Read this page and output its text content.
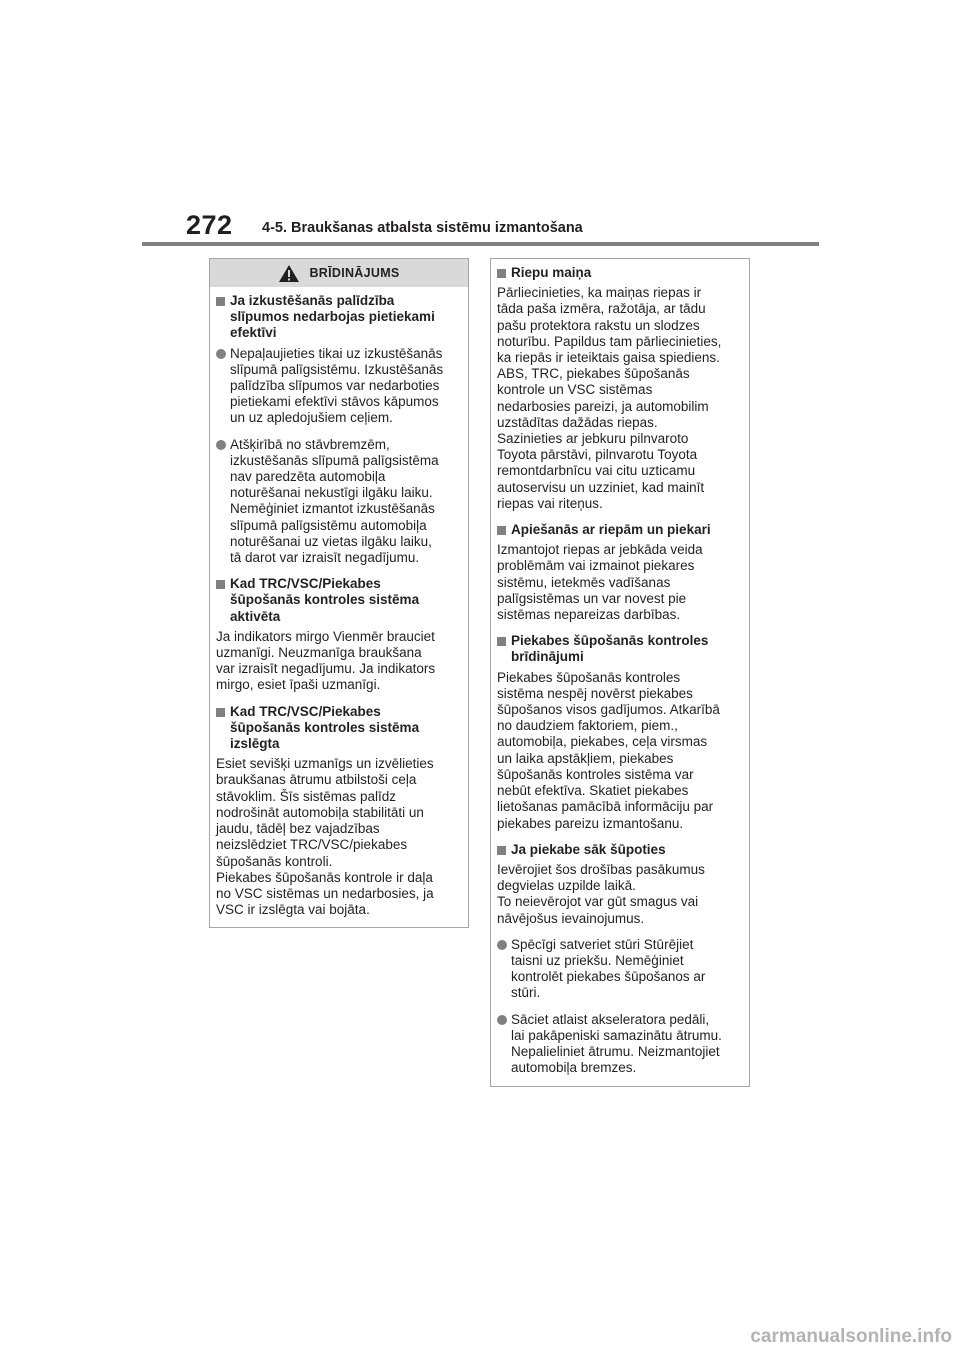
272 4-5. Braukšanas atbalsta sistēmu izmantošana
BRĪDINĀJUMS
Ja izkustēšanās palīdzība
slīpumos nedarbojas pietiekami
efektīvi
Nepaļaujieties tikai uz izkustēšanās
slīpumā palīgsistēmu. Izkustēšanās
palīdzība slīpumos var nedarboties
pietiekami efektīvi stāvos kāpumos
un uz apledojušiem ceļiem.
Atšķirībā no stāvbremzēm,
izkustēšanās slīpumā palīgsistēma
nav paredzēta automobiļa
noturēšanai nekustīgi ilgāku laiku.
Nemēģiniet izmantot izkustēšanās
slīpumā palīgsistēmu automobiļa
noturēšanai uz vietas ilgāku laiku,
tā darot var izraisīt negadījumu.
Kad TRC/VSC/Piekabes
šūpošanās kontroles sistēma
aktivēta
Ja indikators mirgo Vienmēr brauciet
uzmanīgi. Neuzmanīga braukšana
var izraisīt negadījumu. Ja indikators
mirgo, esiet īpaši uzmanīgi.
Kad TRC/VSC/Piekabes
šūpošanās kontroles sistēma
izslēgta
Esiet sevišķi uzmanīgs un izvēlieties
braukšanas ātrumu atbilstoši ceļa
stāvoklim. Šīs sistēmas palīdz
nodrošināt automobiļa stabilitāti un
jaudu, tādēļ bez vajadzības
neizslēdziet TRC/VSC/piekabes
šūpošanās kontroli.
Piekabes šūpošanās kontrole ir daļa
no VSC sistēmas un nedarbosies, ja
VSC ir izslēgta vai bojāta.
Riepu maiņa
Pārliecinieties, ka maiņas riepas ir
tāda paša izmēra, ražotāja, ar tādu
pašu protektora rakstu un slodzes
noturību. Papildus tam pārliecinieties,
ka riepās ir ieteiktais gaisa spiediens.
ABS, TRC, piekabes šūpošanās
kontrole un VSC sistēmas
nedarbosies pareizi, ja automobilim
uzstādītas dažādas riepas.
Sazinieties ar jebkuru pilnvaroto
Toyota pārstāvi, pilnvarotu Toyota
remontdarbnīcu vai citu uzticamu
autoservisu un uzziniet, kad mainīt
riepas vai riteņus.
Apiešanās ar riepām un piekari
Izmantojot riepas ar jebkāda veida
problēmām vai izmainot piekares
sistēmu, ietekmēs vadīšanas
palīgsistēmas un var novest pie
sistēmas nepareizas darbības.
Piekabes šūpošanās kontroles
brīdinājumi
Piekabes šūpošanās kontroles
sistēma nespēj novērst piekabes
šūpošanos visos gadījumos. Atkarībā
no daudziem faktoriem, piem.,
automobiļa, piekabes, ceļa virsmas
un laika apstākļiem, piekabes
šūpošanās kontroles sistēma var
nebūt efektīva. Skatiet piekabes
lietošanas pamācībā informāciju par
piekabes pareizu izmantošanu.
Ja piekabe sāk šūpoties
Ievērojiet šos drošības pasākumus
degvielas uzpilde laikā.
To neievērojot var gūt smagus vai
nāvējošus ievainojumus.
Spēcīgi satveriet stūri Stūrējiet
taisni uz priekšu. Nemēģiniet
kontrolēt piekabes šūpošanos ar
stūri.
Sāciet atlaist akseleratora pedāli,
lai pakāpeniski samazinātu ātrumu.
Nepalieliniet ātrumu. Neizmantojiet
automobiļa bremzes.
carmanualsonline.info
